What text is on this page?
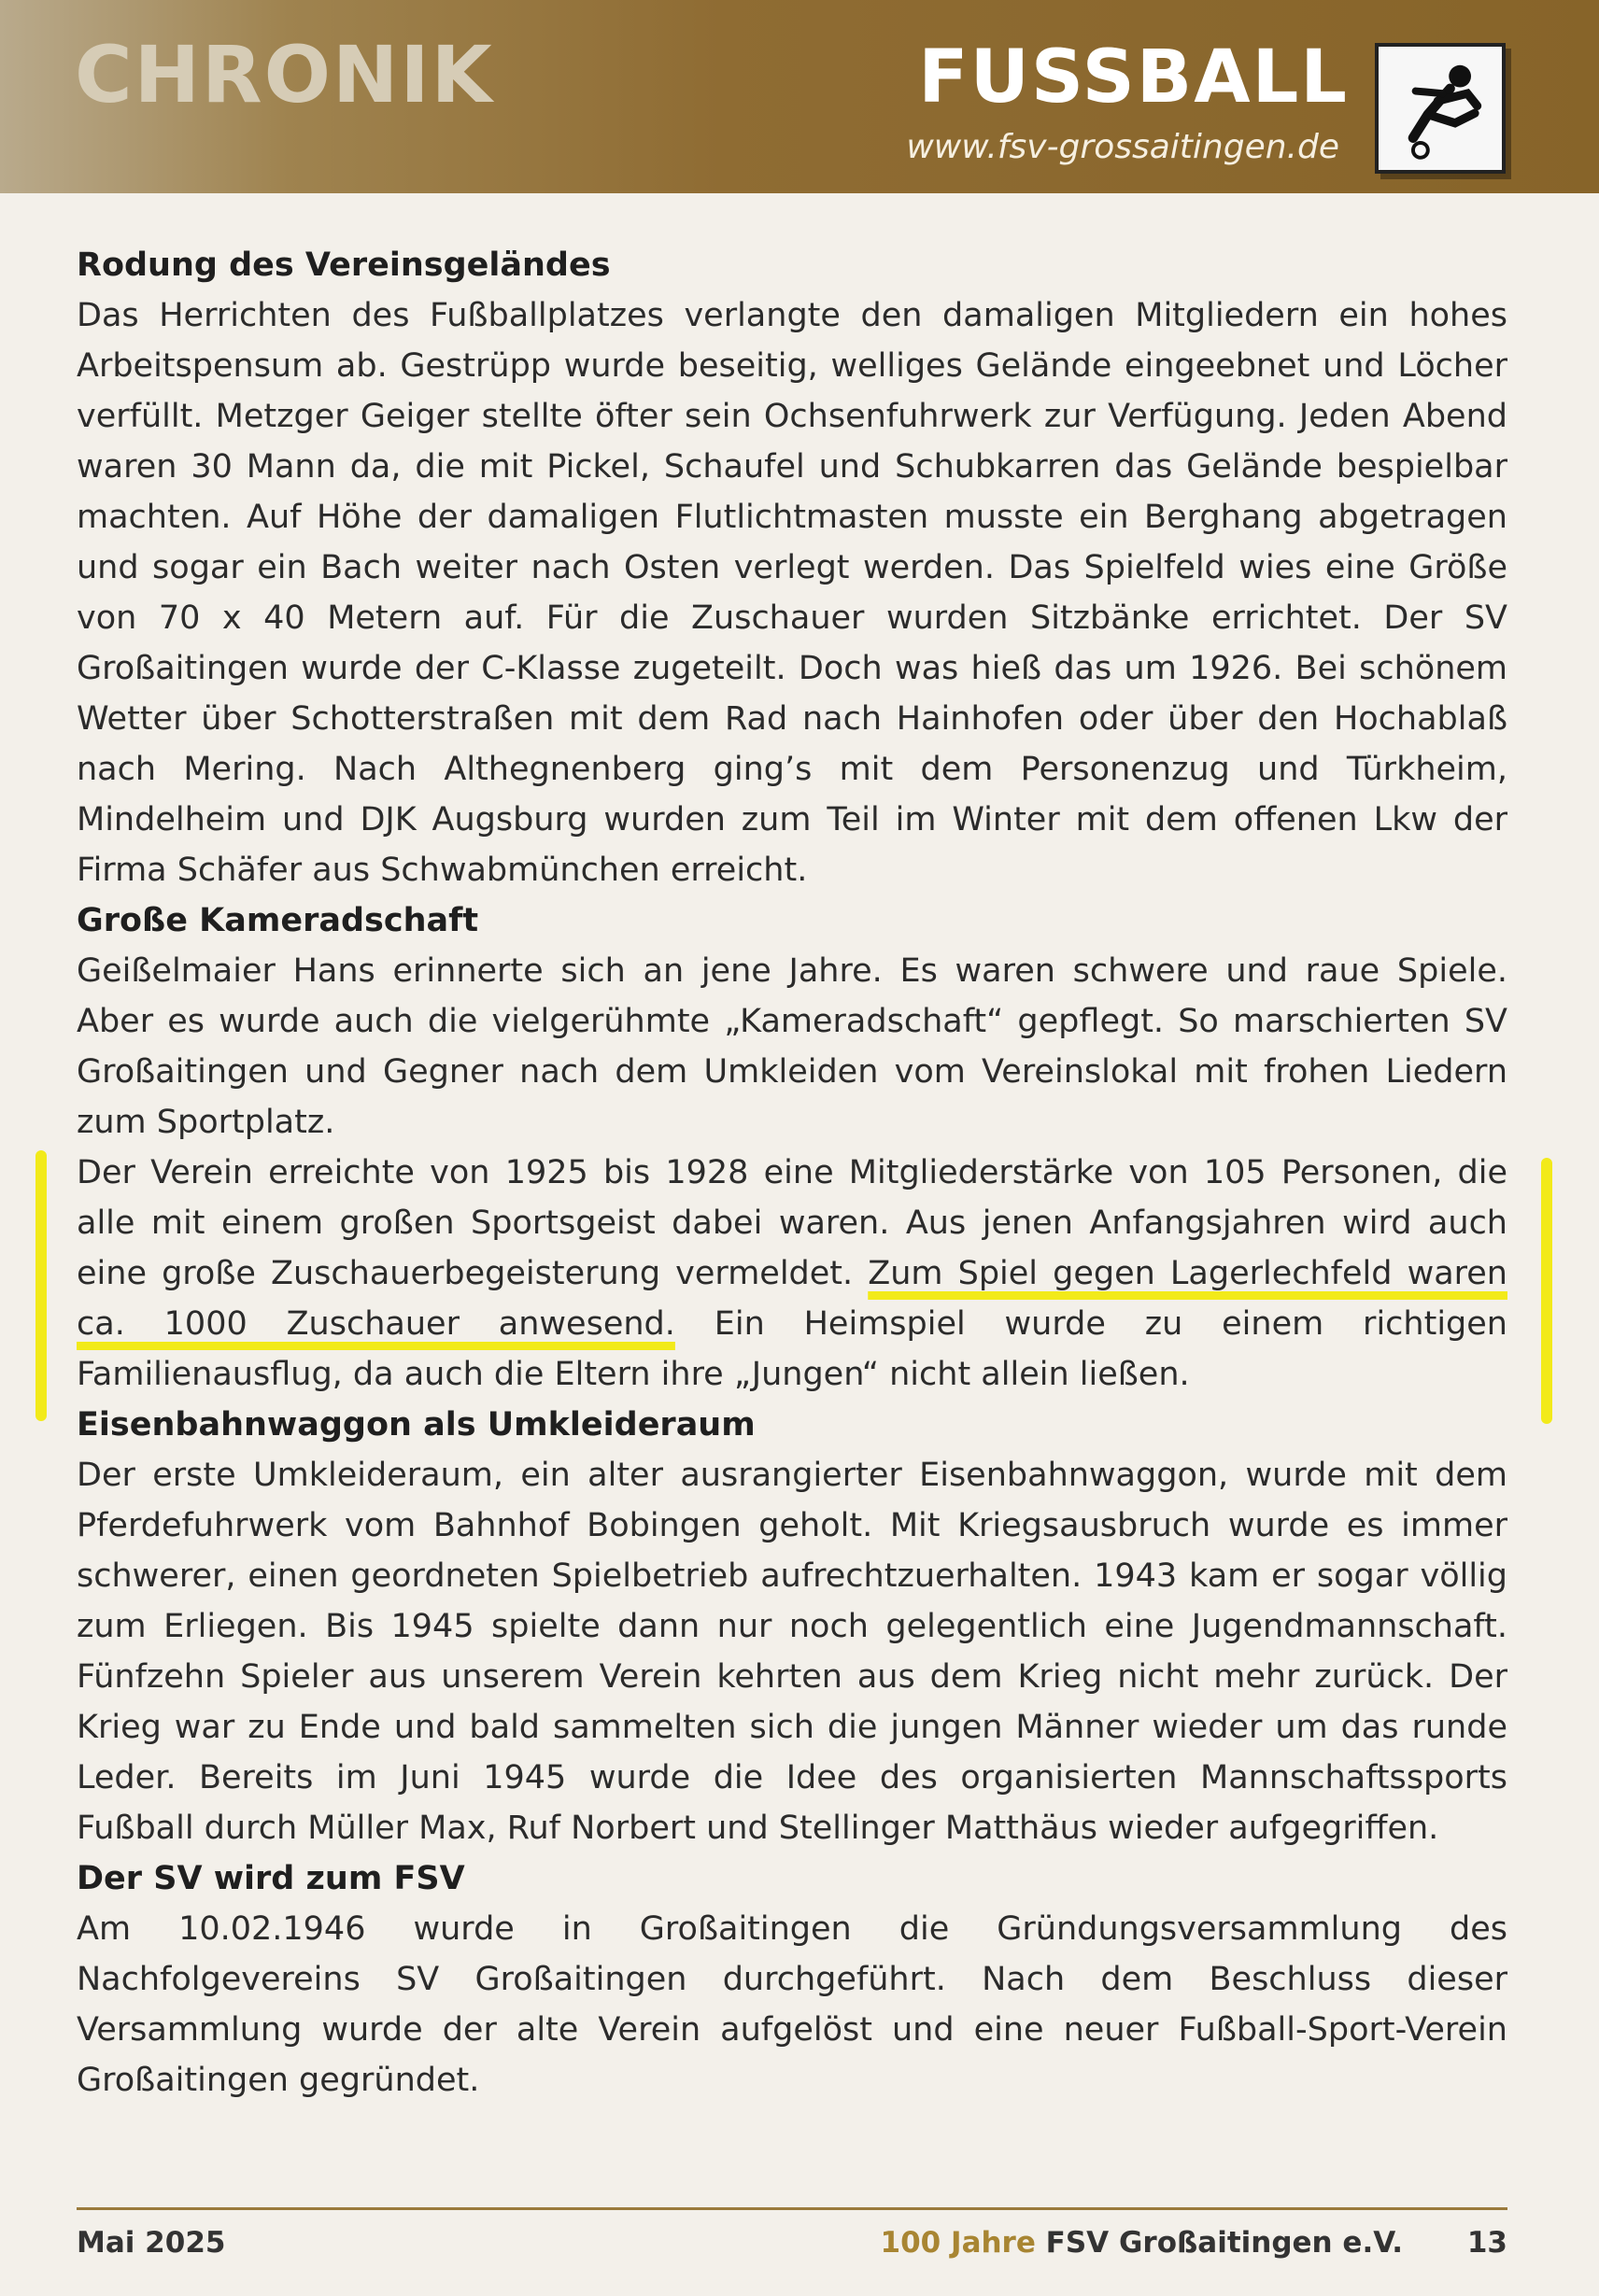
CHRONIK	FUSSBALL
www.fsv-grossaitingen.de
Rodung des Vereinsgeländes

Das Herrichten des Fußballplatzes verlangte den damaligen Mitgliedern ein hohes Arbeitspensum ab. Gestrüpp wurde beseitig, welliges Gelände eingeebnet und Löcher verfüllt. Metzger Geiger stellte öfter sein Ochsenfuhrwerk zur Verfügung. Jeden Abend waren 30 Mann da, die mit Pickel, Schaufel und Schubkarren das Gelände bespielbar machten. Auf Höhe der damaligen Flutlichtmasten musste ein Berghang abgetragen und sogar ein Bach weiter nach Osten verlegt werden. Das Spielfeld wies eine Größe von 70 x 40 Metern auf. Für die Zuschauer wurden Sitzbänke errichtet. Der SV Großaitingen wurde der C-Klasse zugeteilt. Doch was hieß das um 1926. Bei schönem Wetter über Schotterstraßen mit dem Rad nach Hainhofen oder über den Hochablaß nach Mering. Nach Althegnenberg ging’s mit dem Personenzug und Türkheim, Mindelheim und DJK Augsburg wurden zum Teil im Winter mit dem offenen Lkw der Firma Schäfer aus Schwabmünchen erreicht.

Große Kameradschaft

Geißelmaier Hans erinnerte sich an jene Jahre. Es waren schwere und raue Spiele. Aber es wurde auch die vielgerühmte „Kameradschaft“ gepflegt. So marschierten SV Großaitingen und Gegner nach dem Umkleiden vom Vereinslokal mit frohen Liedern zum Sportplatz.

Der Verein erreichte von 1925 bis 1928 eine Mitgliederstärke von 105 Personen, die alle mit einem großen Sportsgeist dabei waren. Aus jenen Anfangsjahren wird auch eine große Zuschauerbegeisterung vermeldet. Zum Spiel gegen Lagerlechfeld waren ca. 1000 Zuschauer anwesend. Ein Heimspiel wurde zu einem richtigen Familienausflug, da auch die Eltern ihre „Jungen“ nicht allein ließen.

Eisenbahnwaggon als Umkleideraum

Der erste Umkleideraum, ein alter ausrangierter Eisenbahnwaggon, wurde mit dem Pferdefuhrwerk vom Bahnhof Bobingen geholt. Mit Kriegsausbruch wurde es immer schwerer, einen geordneten Spielbetrieb aufrechtzuerhalten. 1943 kam er sogar völlig zum Erliegen. Bis 1945 spielte dann nur noch gelegentlich eine Jugendmannschaft. Fünfzehn Spieler aus unserem Verein kehrten aus dem Krieg nicht mehr zurück. Der Krieg war zu Ende und bald sammelten sich die jungen Männer wieder um das runde Leder. Bereits im Juni 1945 wurde die Idee des organisierten Mannschaftssports Fußball durch Müller Max, Ruf Norbert und Stellinger Matthäus wieder aufgegriffen.

Der SV wird zum FSV

Am 10.02.1946 wurde in Großaitingen die Gründungsversammlung des Nachfolgevereins SV Großaitingen durchgeführt. Nach dem Beschluss dieser Versammlung wurde der alte Verein aufgelöst und eine neuer Fußball-Sport-Verein Großaitingen gegründet.

Mai 2025	100 Jahre FSV Großaitingen e.V. 13
